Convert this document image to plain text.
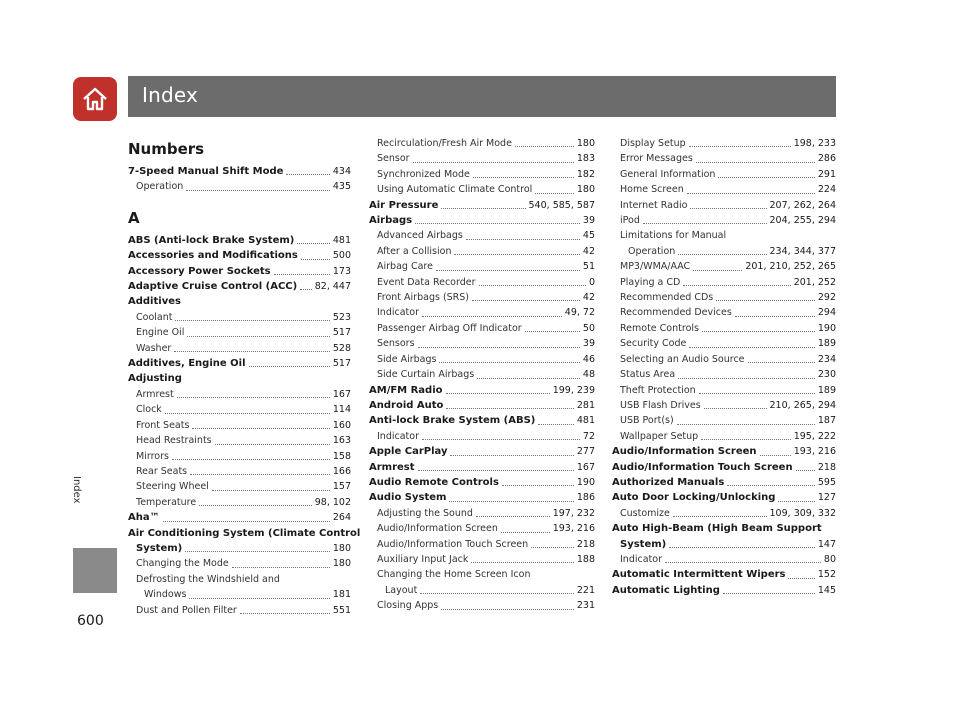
Index
Index
600
Numbers
7-Speed Manual Shift Mode	434
Operation	435
A
ABS (Anti-lock Brake System)	481
Accessories and Modifications	500
Accessory Power Sockets	173
Adaptive Cruise Control (ACC) 82, 447
Additives
Coolant	523
Engine Oil	517
Washer	528
Additives, Engine Oil	517
Adjusting
Armrest	167
Clock	114
Front Seats	160
Head Restraints	163
Mirrors	158
Rear Seats	166
Steering Wheel	157
Temperature	98, 102
Aha™	264
Air Conditioning System (Climate Control
System)	180
Changing the Mode	180
Defrosting the Windshield and
Windows	181
Dust and Pollen Filter	551
Recirculation/Fresh Air Mode	180
Sensor	183
Synchronized Mode	182
Using Automatic Climate Control	180
Air Pressure	540, 585, 587
Airbags	39
Advanced Airbags	45
After a Collision	42
Airbag Care	51
Event Data Recorder	0
Front Airbags (SRS)	42
Indicator	49, 72
Passenger Airbag Off Indicator	50
Sensors	39
Side Airbags	46
Side Curtain Airbags	48
AM/FM Radio	199, 239
Android Auto	281
Anti-lock Brake System (ABS)	481
Indicator	72
Apple CarPlay	277
Armrest	167
Audio Remote Controls	190
Audio System	186
Adjusting the Sound	197, 232
Audio/Information Screen	193, 216
Audio/Information Touch Screen	218
Auxiliary Input Jack	188
Changing the Home Screen Icon
Layout	221
Closing Apps	231
Display Setup	198, 233
Error Messages	286
General Information	291
Home Screen	224
Internet Radio	207, 262, 264
iPod	204, 255, 294
Limitations for Manual
Operation	234, 344, 377
MP3/WMA/AAC	201, 210, 252, 265
Playing a CD	201, 252
Recommended CDs	292
Recommended Devices	294
Remote Controls	190
Security Code	189
Selecting an Audio Source	234
Status Area	230
Theft Protection	189
USB Flash Drives	210, 265, 294
USB Port(s)	187
Wallpaper Setup	195, 222
Audio/Information Screen	193, 216
Audio/Information Touch Screen	218
Authorized Manuals	595
Auto Door Locking/Unlocking	127
Customize	109, 309, 332
Auto High-Beam (High Beam Support
System)	147
Indicator	80
Automatic Intermittent Wipers	152
Automatic Lighting	145
